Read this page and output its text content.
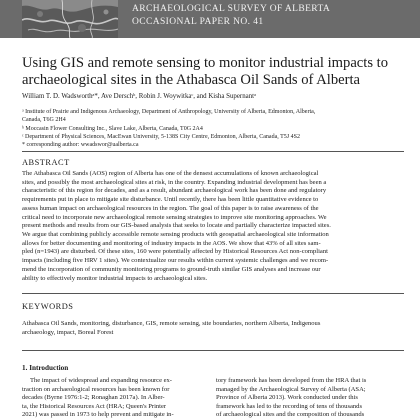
ARCHAEOLOGICAL SURVEY OF ALBERTA
OCCASIONAL PAPER NO. 41
Using GIS and remote sensing to monitor industrial impacts to archaeological sites in the Athabasca Oil Sands of Alberta
William T. D. Wadsworthᵃ*, Ave Derschᵇ, Robin J. Woywitkaᶜ, and Kisha Supernantᵃ
ᵃ Institute of Prairie and Indigenous Archaeology, Department of Anthropology, University of Alberta, Edmonton, Alberta,
Canada, T6G 2H4
ᵇ Moccasin Flower Consulting Inc., Slave Lake, Alberta, Canada, T0G 2A4
ᶜ Department of Physical Sciences, MacEwan University, 5-138S City Centre, Edmonton, Alberta, Canada, T5J 4S2
* corresponding author: wwadswor@ualberta.ca
ABSTRACT
The Athabasca Oil Sands (AOS) region of Alberta has one of the densest accumulations of known archaeological
sites, and possibly the most archaeological sites at risk, in the country. Expanding industrial development has been a
characteristic of this region for decades, and as a result, abundant archaeological work has been done and regulatory
requirements put in place to mitigate site disturbance. Until recently, there has been little quantitative evidence to
assess human impact on archaeological resources in the region. The goal of this paper is to raise awareness of the
critical need to incorporate new archaeological remote sensing strategies to improve site monitoring approaches. We
present methods and results from our GIS-based analysis that seeks to locate and partially characterize impacted sites.
We argue that combining publicly accessible remote sensing products with geospatial archaeological site information
allows for better documenting and monitoring of industry impacts in the AOS. We show that 43% of all sites sam-
pled (n=1943) are disturbed. Of these sites, 160 were potentially affected by Historical Resources Act non-compliant
impacts (including five HRV 1 sites). We contextualize our results within current systemic challenges and we recom-
mend the incorporation of community monitoring programs to ground-truth similar GIS analyses and increase our
ability to effectively monitor industrial impacts to archaeological sites.
KEYWORDS
Athabasca Oil Sands, monitoring, disturbance, GIS, remote sensing, site boundaries, northern Alberta, Indigenous
archaeology, impact, Boreal Forest
1. Introduction
The impact of widespread and expanding resource ex-
traction on archaeological resources has been known for
decades (Byrne 1976:1-2; Ronaghan 2017a). In Alber-
ta, the Historical Resources Act (HRA; Queen's Printer
2021) was passed in 1973 to help prevent and mitigate in-
tory framework has been developed from the HRA that is
managed by the Archaeological Survey of Alberta (ASA;
Province of Alberta 2013). Work conducted under this
framework has led to the recording of tens of thousands
of archaeological sites and the composition of thousands
